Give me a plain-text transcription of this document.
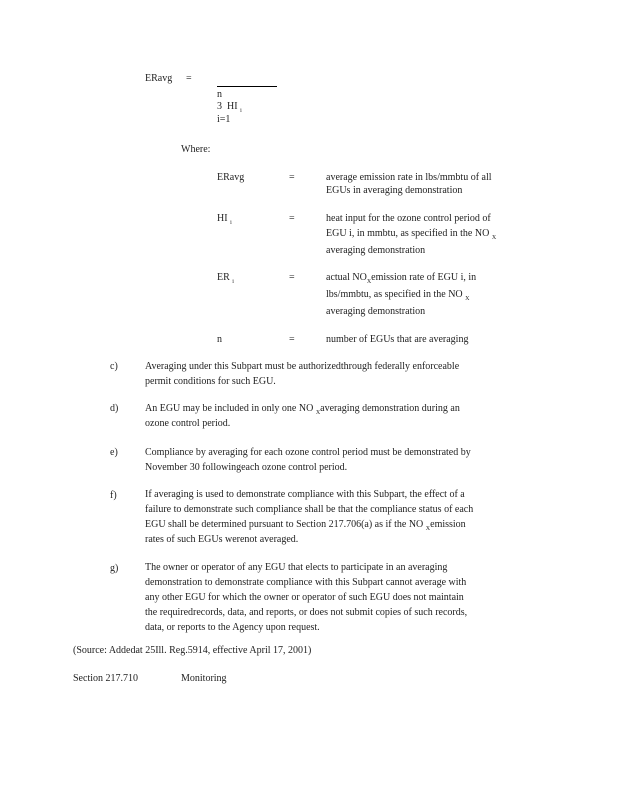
ERavg =
n
3 HI $_i$
i=1
Where:
ERavg	=	average emission rate in lbs/mmbtu of all
EGUs in averaging demonstration
HI $_i$	=	heat input for the ozone control period of
EGU i, in mmbtu, as specified in the NO $_X$
averaging demonstration
ER $_i$	=	actual $NO_Xemission$ rate of EGU i, in
lbs/mmbtu, as specified in the NO $_X$
averaging demonstration
n	=	number of EGUs that are averaging
c)	Averaging under this Subpart must be authorizedthrough federally enforceable
permit conditions for such EGU.
d)	An EGU may be included in only one NO $_X$averaging demonstration during an
ozone control period.
e)	Compliance by averaging for each ozone control period must be demonstrated by
November 30 followingeach ozone control period.
f)	If averaging is used to demonstrate compliance with this Subpart, the effect of a
failure to demonstrate such compliance shall be that the compliance status of each
EGU shall be determined pursuant to Section 217.706(a) as if the NO $_X$emission
rates of such EGUs werenot averaged.
g)	The owner or operator of any EGU that elects to participate in an averaging
demonstration to demonstrate compliance with this Subpart cannot average with
any other EGU for which the owner or operator of such EGU does not maintain
the requiredrecords, data, and reports, or does not submit copies of such records,
data, or reports to the Agency upon request.
(Source: Addedat 25Ill. Reg.5914, effective April 17, 2001)
Section 217.710	Monitoring
